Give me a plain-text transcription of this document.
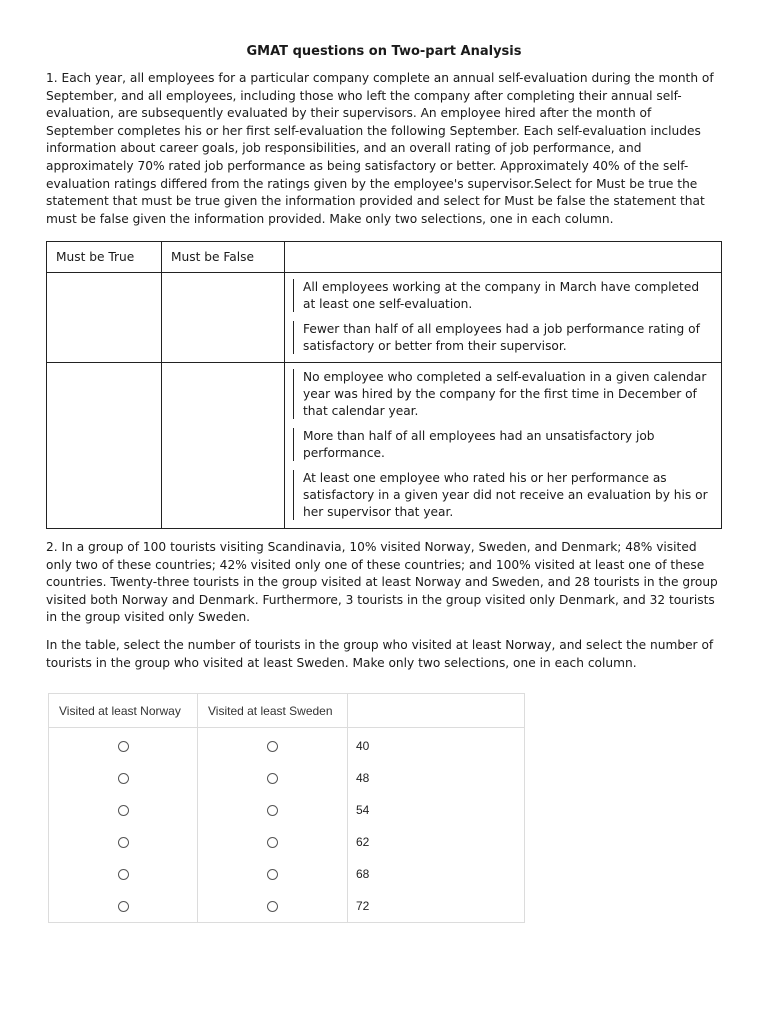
GMAT questions on Two-part Analysis

1. Each year, all employees for a particular company complete an annual self-evaluation during the month of September, and all employees, including those who left the company after completing their annual self-evaluation, are subsequently evaluated by their supervisors. An employee hired after the month of September completes his or her first self-evaluation the following September. Each self-evaluation includes information about career goals, job responsibilities, and an overall rating of job performance, and approximately 70% rated job performance as being satisfactory or better. Approximately 40% of the self-evaluation ratings differed from the ratings given by the employee's supervisor.Select for Must be true the statement that must be true given the information provided and select for Must be false the statement that must be false given the information provided. Make only two selections, one in each column.

Must be True	Must be False	

		All employees working at the company in March have completed at least one self-evaluation.
Fewer than half of all employees had a job performance rating of satisfactory or better from their supervisor.

		No employee who completed a self-evaluation in a given calendar year was hired by the company for the first time in December of that calendar year.
More than half of all employees had an unsatisfactory job performance.
At least one employee who rated his or her performance as satisfactory in a given year did not receive an evaluation by his or her supervisor that year.

2. In a group of 100 tourists visiting Scandinavia, 10% visited Norway, Sweden, and Denmark; 48% visited only two of these countries; 42% visited only one of these countries; and 100% visited at least one of these countries. Twenty-three tourists in the group visited at least Norway and Sweden, and 28 tourists in the group visited both Norway and Denmark. Furthermore, 3 tourists in the group visited only Denmark, and 32 tourists in the group visited only Sweden.

In the table, select the number of tourists in the group who visited at least Norway, and select the number of tourists in the group who visited at least Sweden. Make only two selections, one in each column.

Visited at least Norway	Visited at least Sweden	
		40
		48
		54
		62
		68
		72
